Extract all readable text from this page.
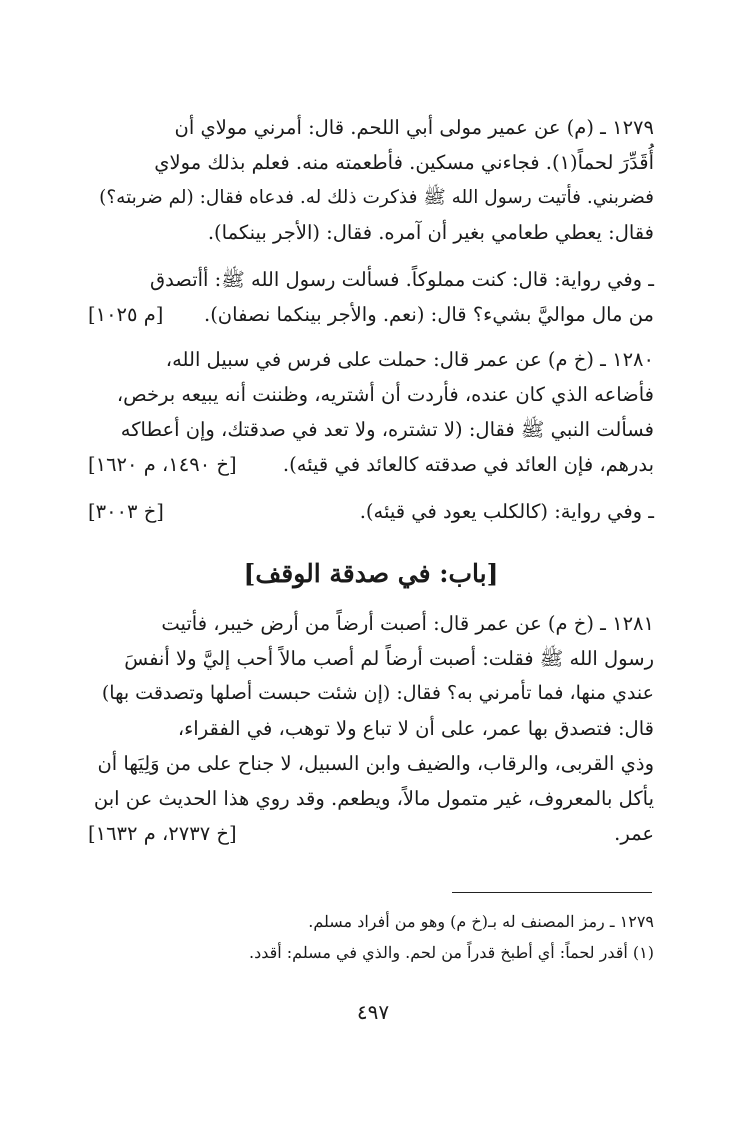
١٢٧٩ ـ (م) عن عمير مولى أبي اللحم. قال: أمرني مولاي أن
أُقَدِّرَ لحماً(١). فجاءني مسكين. فأطعمته منه. فعلم بذلك مولاي
فضربني. فأتيت رسول الله ﷺ فذكرت ذلك له. فدعاه فقال: (لم ضربته؟)
فقال: يعطي طعامي بغير أن آمره. فقال: (الأجر بينكما).
ـ وفي رواية: قال: كنت مملوكاً. فسألت رسول الله ﷺ: أأتصدق
من مال مواليَّ بشيء؟ قال: (نعم. والأجر بينكما نصفان).
[م ١٠٢٥]
١٢٨٠ ـ (خ م) عن عمر قال: حملت على فرس في سبيل الله،
فأضاعه الذي كان عنده، فأردت أن أشتريه، وظننت أنه يبيعه برخص،
فسألت النبي ﷺ فقال: (لا تشتره، ولا تعد في صدقتك، وإن أعطاكه
بدرهم، فإن العائد في صدقته كالعائد في قيئه).
[خ ١٤٩٠، م ١٦٢٠]
ـ وفي رواية: (كالكلب يعود في قيئه).
[خ ٣٠٠٣]
[باب: في صدقة الوقف]
١٢٨١ ـ (خ م) عن عمر قال: أصبت أرضاً من أرض خيبر، فأتيت
رسول الله ﷺ فقلت: أصبت أرضاً لم أصب مالاً أحب إليَّ ولا أنفسَ
عندي منها، فما تأمرني به؟ فقال: (إن شئت حبست أصلها وتصدقت بها)
قال: فتصدق بها عمر، على أن لا تباع ولا توهب، في الفقراء،
وذي القربى، والرقاب، والضيف وابن السبيل، لا جناح على من وَلِيَها أن
يأكل بالمعروف، غير متمول مالاً، ويطعم. وقد روي هذا الحديث عن ابن
عمر.
[خ ٢٧٣٧، م ١٦٣٢]
١٢٧٩ ـ رمز المصنف له بـ(خ م) وهو من أفراد مسلم.
(١) أقدر لحماً: أي أطبخ قدراً من لحم. والذي في مسلم: أقدد.
٤٩٧
